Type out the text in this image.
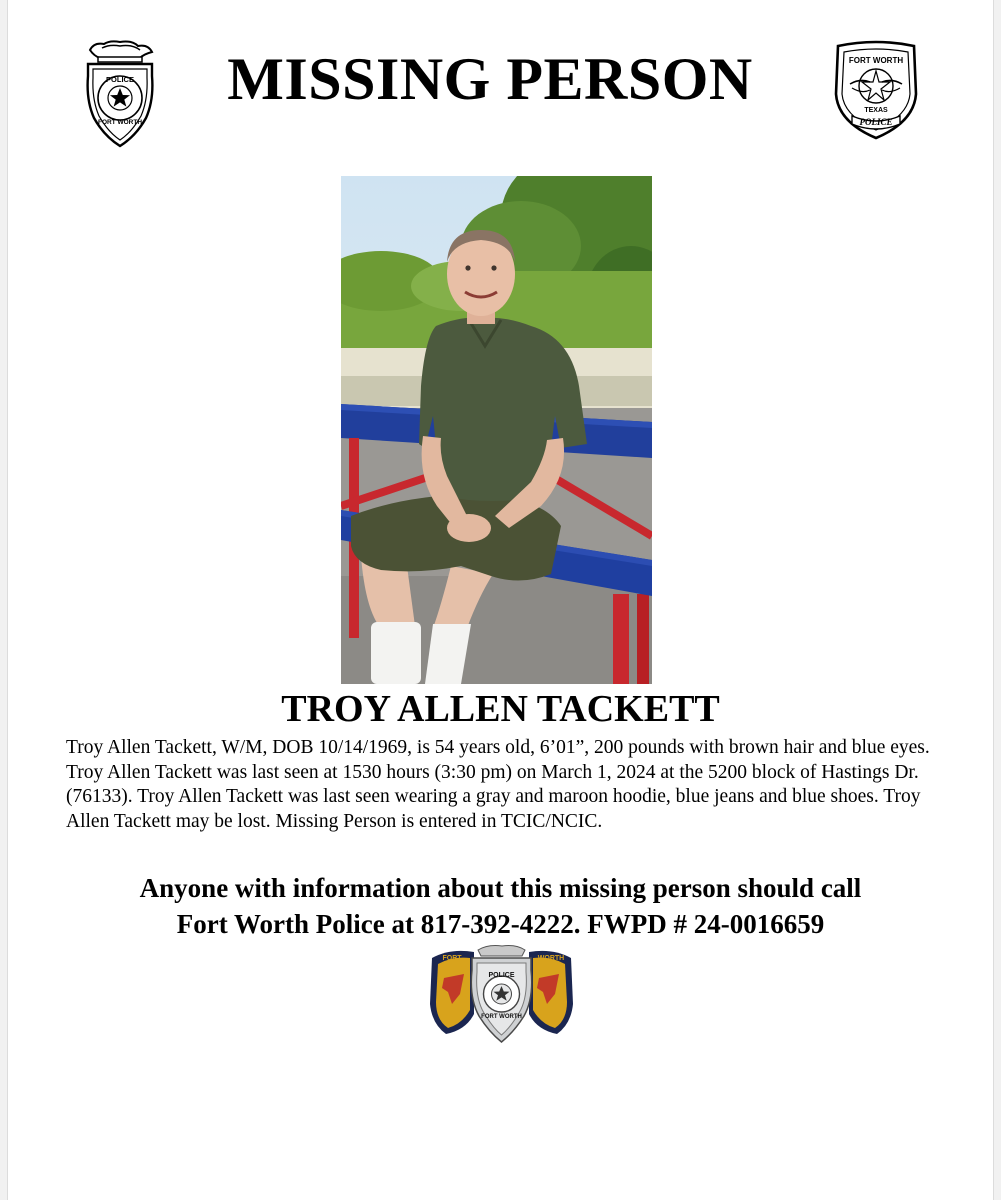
POLICE
FORT WORTH
MISSING PERSON	FORT WORTH
TEXAS
POLICE
TROY ALLEN TACKETT

Troy Allen Tackett, W/M, DOB 10/14/1969, is 54 years old, 6’01”, 200 pounds with brown hair and blue eyes. Troy Allen Tackett was last seen at 1530 hours (3:30 pm) on March 1, 2024 at the 5200 block of Hastings Dr. (76133). Troy Allen Tackett was last seen wearing a gray and maroon hoodie, blue jeans and blue shoes. Troy Allen Tackett may be lost. Missing Person is entered in TCIC/NCIC.

Anyone with information about this missing person should call
Fort Worth Police at 817-392-4222. FWPD # 24-0016659

FORT	WORTH
POLICE
FORT WORTH
